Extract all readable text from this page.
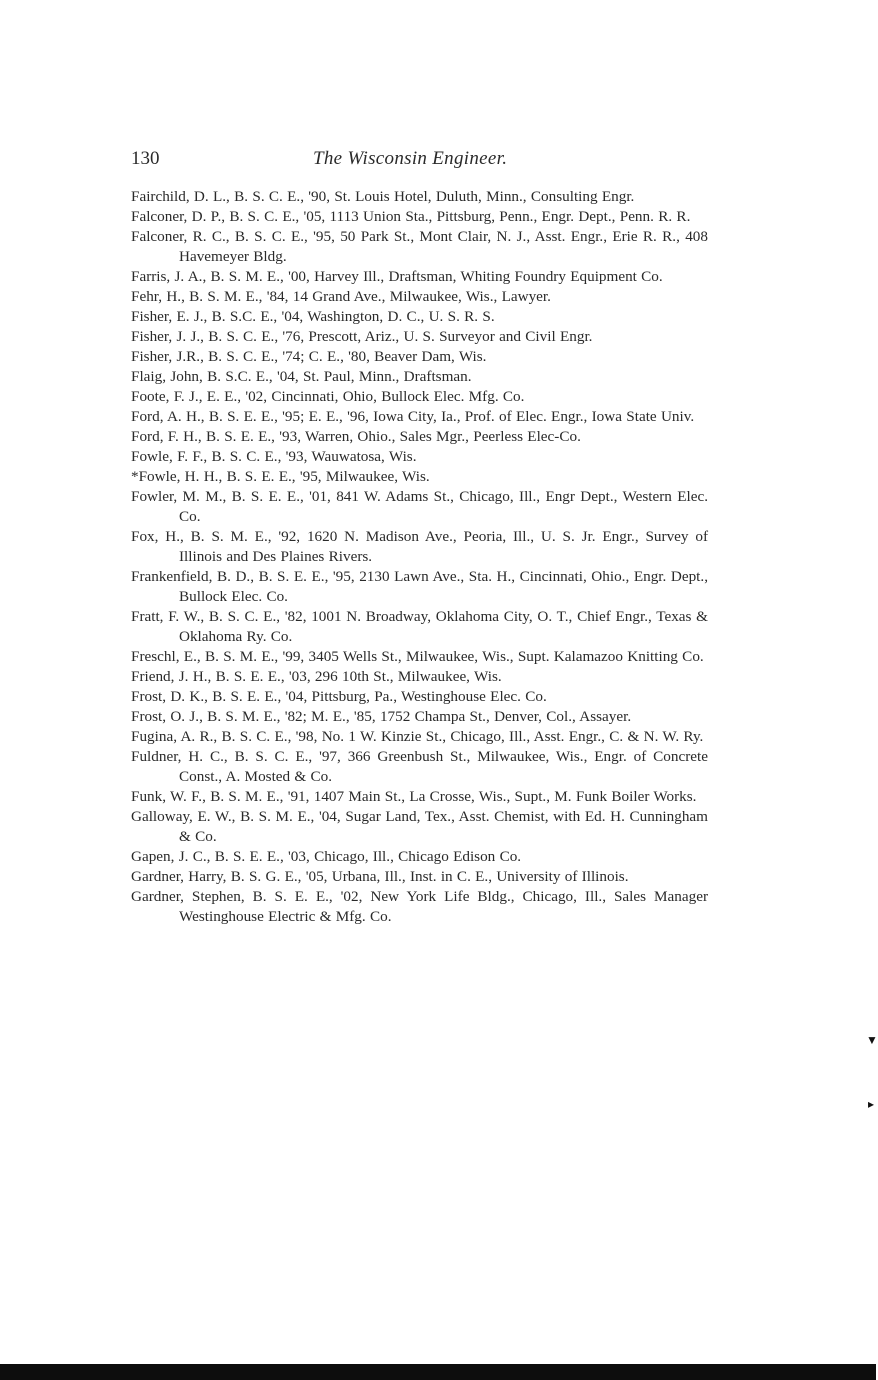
130	The Wisconsin Engineer.

Fairchild, D. L., B. S. C. E., '90, St. Louis Hotel, Duluth, Minn., Consulting Engr.

Falconer, D. P., B. S. C. E., '05, 1113 Union Sta., Pittsburg, Penn., Engr. Dept., Penn. R. R.

Falconer, R. C., B. S. C. E., '95, 50 Park St., Mont Clair, N. J., Asst. Engr., Erie R. R., 408 Havemeyer Bldg.

Farris, J. A., B. S. M. E., '00, Harvey Ill., Draftsman, Whiting Foundry Equipment Co.

Fehr, H., B. S. M. E., '84, 14 Grand Ave., Milwaukee, Wis., Lawyer.

Fisher, E. J., B. S.C. E., '04, Washington, D. C., U. S. R. S.

Fisher, J. J., B. S. C. E., '76, Prescott, Ariz., U. S. Surveyor and Civil Engr.

Fisher, J.R., B. S. C. E., '74; C. E., '80, Beaver Dam, Wis.

Flaig, John, B. S.C. E., '04, St. Paul, Minn., Draftsman.

Foote, F. J., E. E., '02, Cincinnati, Ohio, Bullock Elec. Mfg. Co.

Ford, A. H., B. S. E. E., '95; E. E., '96, Iowa City, Ia., Prof. of Elec. Engr., Iowa State Univ.

Ford, F. H., B. S. E. E., '93, Warren, Ohio., Sales Mgr., Peerless Elec-Co.

Fowle, F. F., B. S. C. E., '93, Wauwatosa, Wis.

*Fowle, H. H., B. S. E. E., '95, Milwaukee, Wis.

Fowler, M. M., B. S. E. E., '01, 841 W. Adams St., Chicago, Ill., Engr Dept., Western Elec. Co.

Fox, H., B. S. M. E., '92, 1620 N. Madison Ave., Peoria, Ill., U. S. Jr. Engr., Survey of Illinois and Des Plaines Rivers.

Frankenfield, B. D., B. S. E. E., '95, 2130 Lawn Ave., Sta. H., Cincinnati, Ohio., Engr. Dept., Bullock Elec. Co.

Fratt, F. W., B. S. C. E., '82, 1001 N. Broadway, Oklahoma City, O. T., Chief Engr., Texas & Oklahoma Ry. Co.

Freschl, E., B. S. M. E., '99, 3405 Wells St., Milwaukee, Wis., Supt. Kalamazoo Knitting Co.

Friend, J. H., B. S. E. E., '03, 296 10th St., Milwaukee, Wis.

Frost, D. K., B. S. E. E., '04, Pittsburg, Pa., Westinghouse Elec. Co.

Frost, O. J., B. S. M. E., '82; M. E., '85, 1752 Champa St., Denver, Col., Assayer.

Fugina, A. R., B. S. C. E., '98, No. 1 W. Kinzie St., Chicago, Ill., Asst. Engr., C. & N. W. Ry.

Fuldner, H. C., B. S. C. E., '97, 366 Greenbush St., Milwaukee, Wis., Engr. of Concrete Const., A. Mosted & Co.

Funk, W. F., B. S. M. E., '91, 1407 Main St., La Crosse, Wis., Supt., M. Funk Boiler Works.

Galloway, E. W., B. S. M. E., '04, Sugar Land, Tex., Asst. Chemist, with Ed. H. Cunningham & Co.

Gapen, J. C., B. S. E. E., '03, Chicago, Ill., Chicago Edison Co.

Gardner, Harry, B. S. G. E., '05, Urbana, Ill., Inst. in C. E., University of Illinois.

Gardner, Stephen, B. S. E. E., '02, New York Life Bldg., Chicago, Ill., Sales Manager Westinghouse Electric & Mfg. Co.

▼
▸
